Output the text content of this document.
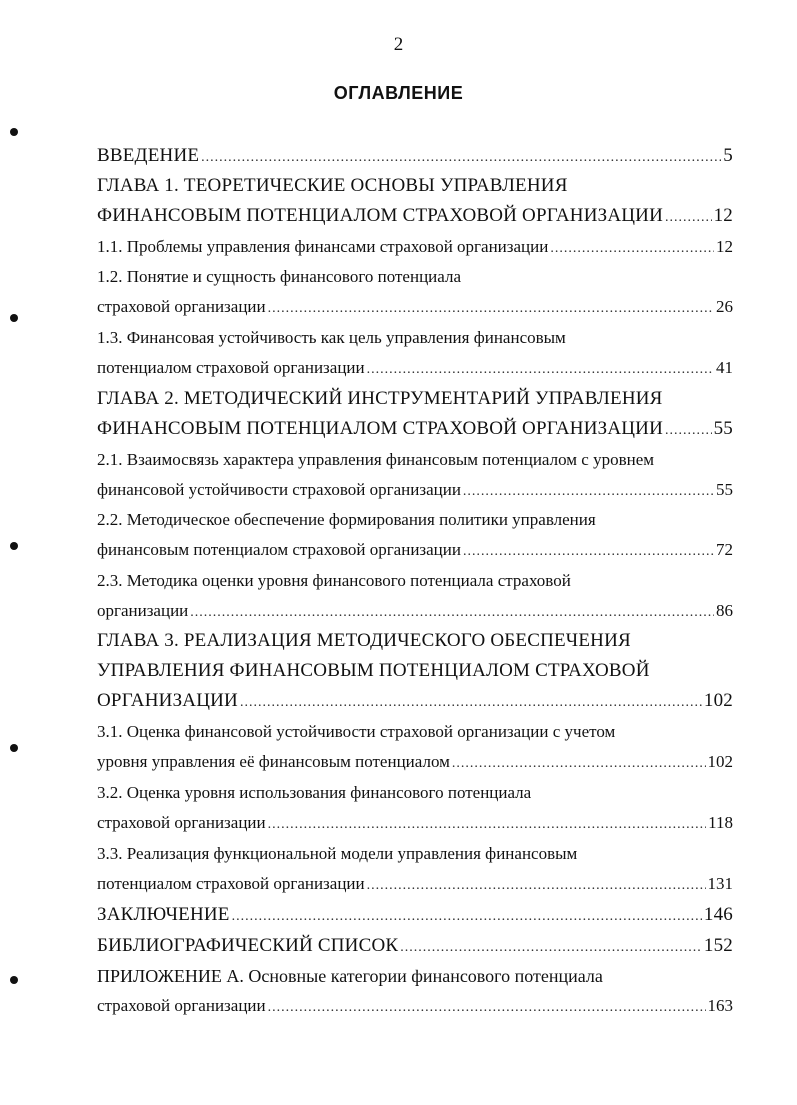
2
ОГЛАВЛЕНИЕ
ВВЕДЕНИЕ .....	5
ГЛАВА 1. ТЕОРЕТИЧЕСКИЕ ОСНОВЫ УПРАВЛЕНИЯ
ФИНАНСОВЫМ ПОТЕНЦИАЛОМ СТРАХОВОЙ ОРГАНИЗАЦИИ .....	12
1.1. Проблемы управления финансами страховой организации .....	12
1.2. Понятие и сущность финансового потенциала
страховой организации .....	26
1.3. Финансовая устойчивость как цель управления финансовым
потенциалом страховой организации .....	41
ГЛАВА 2. МЕТОДИЧЕСКИЙ ИНСТРУМЕНТАРИЙ УПРАВЛЕНИЯ
ФИНАНСОВЫМ ПОТЕНЦИАЛОМ СТРАХОВОЙ ОРГАНИЗАЦИИ .....	55
2.1. Взаимосвязь характера управления финансовым потенциалом с уровнем
финансовой устойчивости страховой организации .....	55
2.2. Методическое обеспечение формирования политики управления
финансовым потенциалом страховой организации .....	72
2.3. Методика оценки уровня финансового потенциала страховой
организации .....	86
ГЛАВА 3. РЕАЛИЗАЦИЯ МЕТОДИЧЕСКОГО ОБЕСПЕЧЕНИЯ
УПРАВЛЕНИЯ ФИНАНСОВЫМ ПОТЕНЦИАЛОМ СТРАХОВОЙ
ОРГАНИЗАЦИИ .....	102
3.1. Оценка финансовой устойчивости страховой организации с учетом
уровня управления её финансовым потенциалом .....	102
3.2. Оценка уровня использования финансового потенциала
страховой организации .....	118
3.3. Реализация функциональной модели управления финансовым
потенциалом страховой организации .....	131
ЗАКЛЮЧЕНИЕ .....	146
БИБЛИОГРАФИЧЕСКИЙ СПИСОК .....	152
ПРИЛОЖЕНИЕ А. Основные категории финансового потенциала
страховой организации .....	163
